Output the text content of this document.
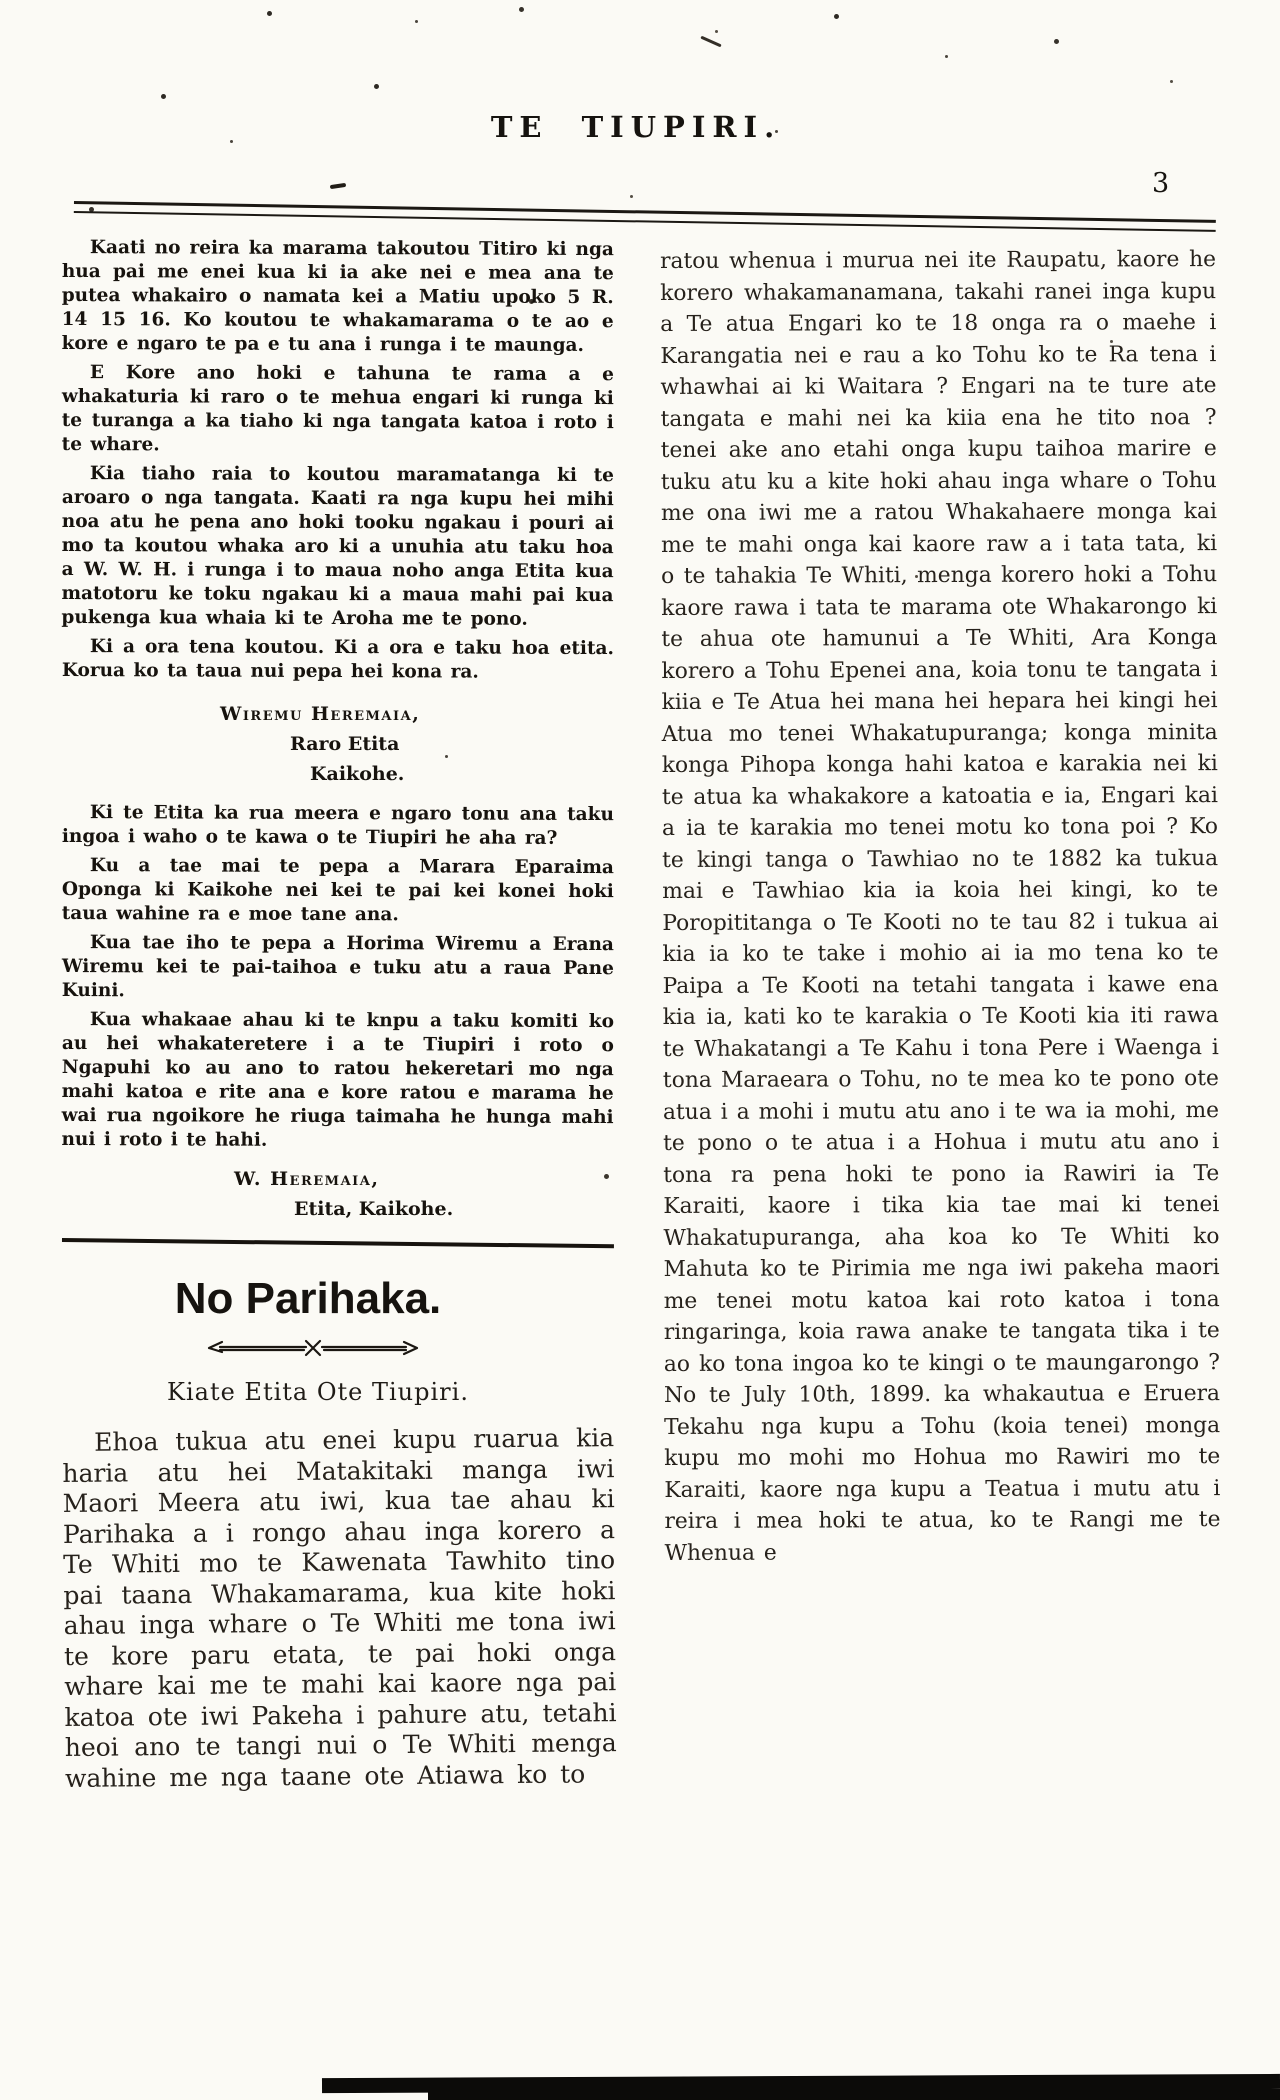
TE TIUPIRI.
3

Kaati no reira ka marama takoutou Titiro ki nga hua pai me enei kua ki ia ake nei e mea ana te putea whakairo o namata kei a Matiu upoko 5 R. 14 15 16. Ko koutou te whakamarama o te ao e kore e ngaro te pa e tu ana i runga i te maunga.

E Kore ano hoki e tahuna te rama a e whakaturia ki raro o te mehua engari ki runga ki te turanga a ka tiaho ki nga tangata katoa i roto i te whare.

Kia tiaho raia to koutou maramatanga ki te aroaro o nga tangata. Kaati ra nga kupu hei mihi noa atu he pena ano hoki tooku ngakau i pouri ai mo ta koutou whaka aro ki a unuhia atu taku hoa a W. W. H. i runga i to maua noho anga Etita kua matotoru ke toku ngakau ki a maua mahi pai kua pukenga kua whaia ki te Aroha me te pono.

Ki a ora tena koutou. Ki a ora e taku hoa etita. Korua ko ta taua nui pepa hei kona ra.

Wiremu Heremaia,
Raro Etita
Kaikohe.

Ki te Etita ka rua meera e ngaro tonu ana taku ingoa i waho o te kawa o te Tiupiri he aha ra?

Ku a tae mai te pepa a Marara Eparaima Oponga ki Kaikohe nei kei te pai kei konei hoki taua wahine ra e moe tane ana.

Kua tae iho te pepa a Horima Wiremu a Erana Wiremu kei te pai-taihoa e tuku atu a raua Pane Kuini.

Kua whakaae ahau ki te knpu a taku komiti ko au hei whakateretere i a te Tiupiri i roto o Ngapuhi ko au ano to ratou hekeretari mo nga mahi katoa e rite ana e kore ratou e marama he wai rua ngoikore he riuga taimaha he hunga mahi nui i roto i te hahi.

W. Heremaia,
Etita, Kaikohe.
No Parihaka.
Kiate Etita Ote Tiupiri.

Ehoa tukua atu enei kupu ruarua kia haria atu hei Matakitaki manga iwi Maori Meera atu iwi, kua tae ahau ki Parihaka a i rongo ahau inga korero a Te Whiti mo te Kawenata Tawhito tino pai taana Whakamarama, kua kite hoki ahau inga whare o Te Whiti me tona iwi te kore paru etata, te pai hoki onga whare kai me te mahi kai kaore nga pai katoa ote iwi Pakeha i pahure atu, tetahi heoi ano te tangi nui o Te Whiti menga wahine me nga taane ote Atiawa ko to

ratou whenua i murua nei ite Raupatu, kaore he korero whakamanamana, takahi ranei inga kupu a Te atua Engari ko te 18 onga ra o maehe i Karangatia nei e rau a ko Tohu ko te Ra tena i whawhai ai ki Waitara ? Engari na te ture ate tangata e mahi nei ka kiia ena he tito noa ? tenei ake ano etahi onga kupu taihoa marire e tuku atu ku a kite hoki ahau inga whare o Tohu me ona iwi me a ratou Whakahaere monga kai me te mahi onga kai kaore raw a i tata tata, ki o te tahakia Te Whiti, menga korero hoki a Tohu kaore rawa i tata te marama ote Whakarongo ki te ahua ote hamunui a Te Whiti, Ara Konga korero a Tohu Epenei ana, koia tonu te tangata i kiia e Te Atua hei mana hei hepara hei kingi hei Atua mo tenei Whakatupuranga; konga minita konga Pihopa konga hahi katoa e karakia nei ki te atua ka whakakore a katoatia e ia, Engari kai a ia te karakia mo tenei motu ko tona poi ? Ko te kingi tanga o Tawhiao no te 1882 ka tukua mai e Tawhiao kia ia koia hei kingi, ko te Poropititanga o Te Kooti no te tau 82 i tukua ai kia ia ko te take i mohio ai ia mo tena ko te Paipa a Te Kooti na tetahi tangata i kawe ena kia ia, kati ko te karakia o Te Kooti kia iti rawa te Whakatangi a Te Kahu i tona Pere i Waenga i tona Maraeara o Tohu, no te mea ko te pono ote atua i a mohi i mutu atu ano i te wa ia mohi, me te pono o te atua i a Hohua i mutu atu ano i tona ra pena hoki te pono ia Rawiri ia Te Karaiti, kaore i tika kia tae mai ki tenei Whakatupuranga, aha koa ko Te Whiti ko Mahuta ko te Pirimia me nga iwi pakeha maori me tenei motu katoa kai roto katoa i tona ringaringa, koia rawa anake te tangata tika i te ao ko tona ingoa ko te kingi o te maungarongo ? No te July 10th, 1899. ka whakautua e Eruera Tekahu nga kupu a Tohu (koia tenei) monga kupu mo mohi mo Hohua mo Rawiri mo te Karaiti, kaore nga kupu a Teatua i mutu atu i reira i mea hoki te atua, ko te Rangi me te Whenua e
